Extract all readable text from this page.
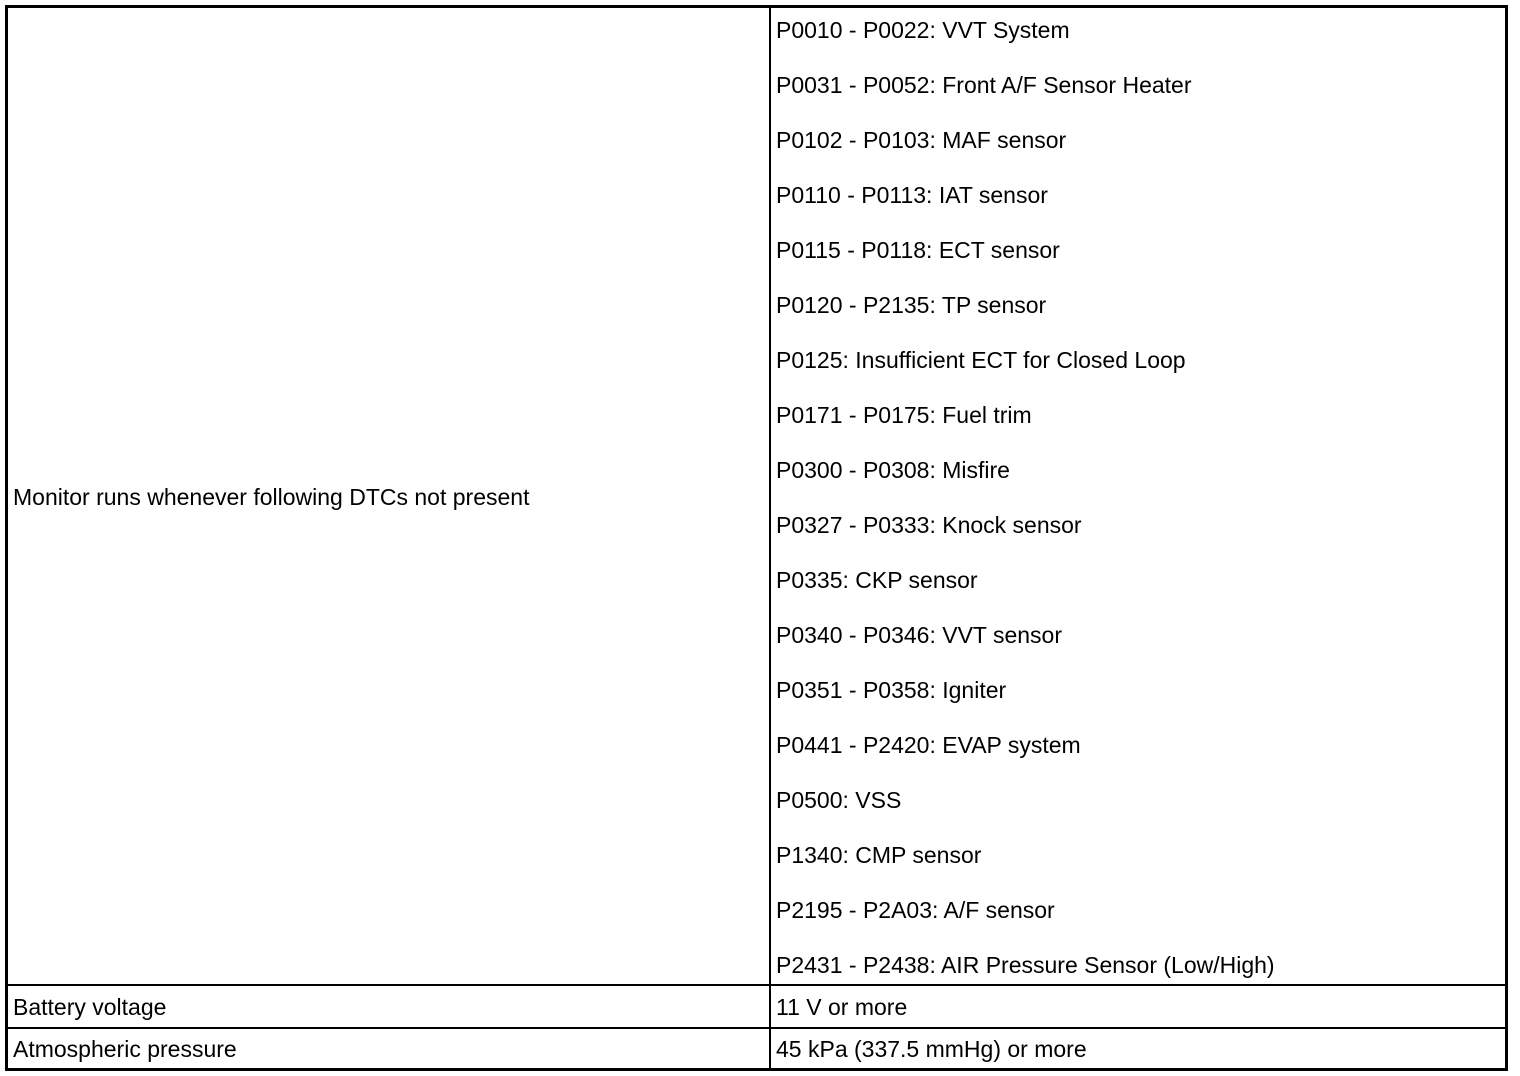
Monitor runs whenever following DTCs not present
P0010 - P0022: VVT System
P0031 - P0052: Front A/F Sensor Heater
P0102 - P0103: MAF sensor
P0110 - P0113: IAT sensor
P0115 - P0118: ECT sensor
P0120 - P2135: TP sensor
P0125: Insufficient ECT for Closed Loop
P0171 - P0175: Fuel trim
P0300 - P0308: Misfire
P0327 - P0333: Knock sensor
P0335: CKP sensor
P0340 - P0346: VVT sensor
P0351 - P0358: Igniter
P0441 - P2420: EVAP system
P0500: VSS
P1340: CMP sensor
P2195 - P2A03: A/F sensor
P2431 - P2438: AIR Pressure Sensor (Low/High)
Battery voltage	11 V or more
Atmospheric pressure	45 kPa (337.5 mmHg) or more
